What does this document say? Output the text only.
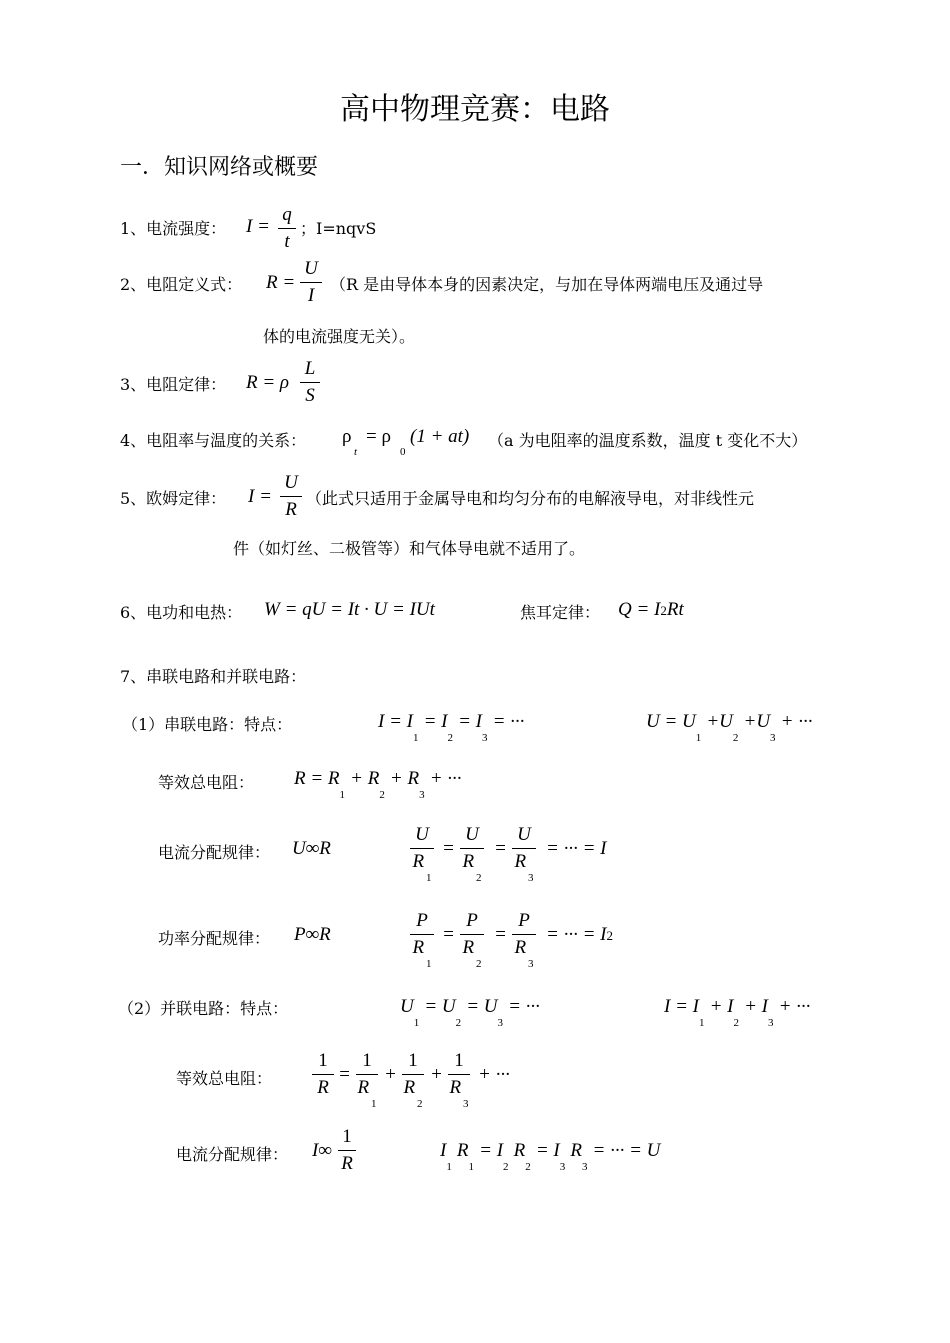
高中物理竞赛：电路
一．知识网络或概要
1、电流强度： I =
q
t
；I=nqvS
2、电阻定义式： R =
U
I
（R 是由导体本身的因素决定，与加在导体两端电压及通过导
体的电流强度无关）。
3、电阻定律： R = ρ
L
S
4、电阻率与温度的关系： ρ
t
= ρ
0
(1 + at) （a 为电阻率的温度系数，温度 t 变化不大）
5、欧姆定律： I =
U
R
（此式只适用于金属导电和均匀分布的电解液导电，对非线性元
件（如灯丝、二极管等）和气体导电就不适用了。
6、电功和电热： W = qU = It · U = IUt	焦耳定律： Q = I2Rt
7、串联电路和并联电路：
（1）串联电路：特点：	$I = I_1 = I_2 = I_3$ = ···	$U = U_1 +U_2 +U_3$ + ···
等效总电阻： $R = R_1 + R_2 + R_3$ + ···
电流分配规律： U∞R
U
$R_1$
=
U
$R_2$
=
U
$R_3$
= ··· = I
功率分配规律： P∞R
P
$R_1$
=
P
$R_2$
=
P
$R_3$
= ··· = I2
（2）并联电路：特点：	$U_1 = U_2 = U_3$ = ···	$I = I_1 + I_2 + I_3$ + ···
等效总电阻：
1
R
=
1
$R_1$
+
1
$R_2$
+
1
$R_3$
+ ···
电流分配规律： I∞
1
R
$I_1$ $R_1 = I_2$ $R_2 = I_3$ $R_3$ = ··· = U
